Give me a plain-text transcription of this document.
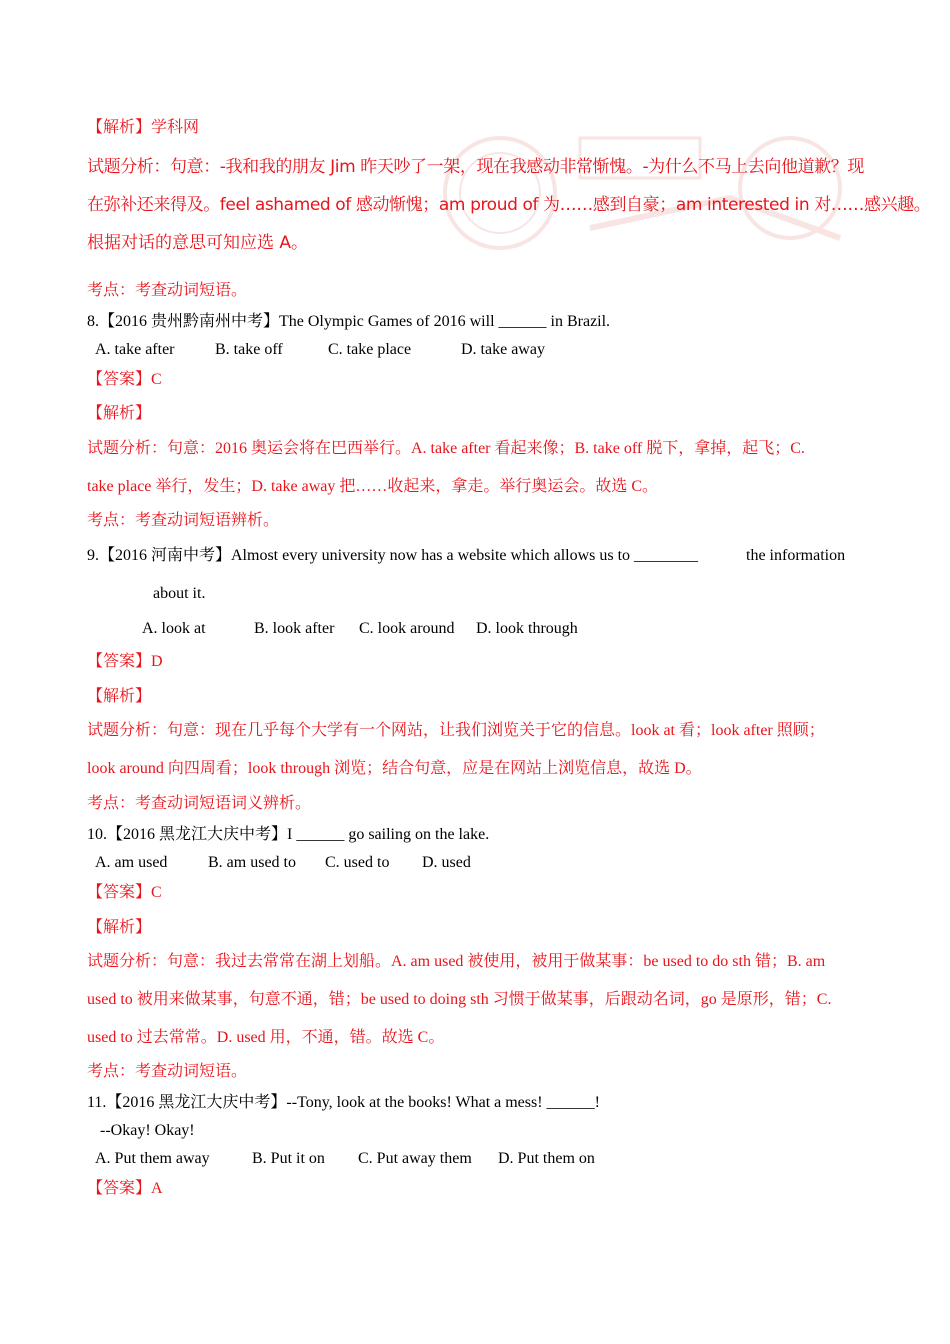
【解析】学科网
试题分析：句意：-我和我的朋友 Jim 昨天吵了一架，现在我感动非常惭愧。-为什么不马上去向他道歉？现
在弥补还来得及。feel ashamed of 感动惭愧；am proud of 为……感到自豪；am interested in 对……感兴趣。
根据对话的意思可知应选 A。
考点：考查动词短语。
8.【2016 贵州黔南州中考】The Olympic Games of 2016 will ______ in Brazil.
A. take after	B. take off	C. take place	D. take away
【答案】C
【解析】
试题分析：句意：2016 奥运会将在巴西举行。A. take after 看起来像；B. take off 脱下，拿掉，起飞；C.
take place 举行，发生；D. take away 把……收起来，拿走。举行奥运会。故选 C。
考点：考查动词短语辨析。
9.【2016 河南中考】Almost every university now has a website which allows us to ________	the information
about it.
A. look at	B. look after C. look around D. look through
【答案】D
【解析】
试题分析：句意：现在几乎每个大学有一个网站，让我们浏览关于它的信息。look at 看；look after 照顾；
look around 向四周看；look through 浏览；结合句意，应是在网站上浏览信息，故选 D。
考点：考查动词短语词义辨析。
10.【2016 黑龙江大庆中考】I ______ go sailing on the lake.
A. am used	B. am used to C. used to D. used
【答案】C
【解析】
试题分析：句意：我过去常常在湖上划船。A. am used 被使用，被用于做某事：be used to do sth 错；B. am
used to 被用来做某事，句意不通，错；be used to doing sth 习惯于做某事，后跟动名词，go 是原形，错；C.
used to 过去常常。D. used 用，不通，错。故选 C。
考点：考查动词短语。
11.【2016 黑龙江大庆中考】--Tony, look at the books! What a mess! ______!
--Okay! Okay!
A. Put them away	B. Put it on C. Put away them D. Put them on
【答案】A
